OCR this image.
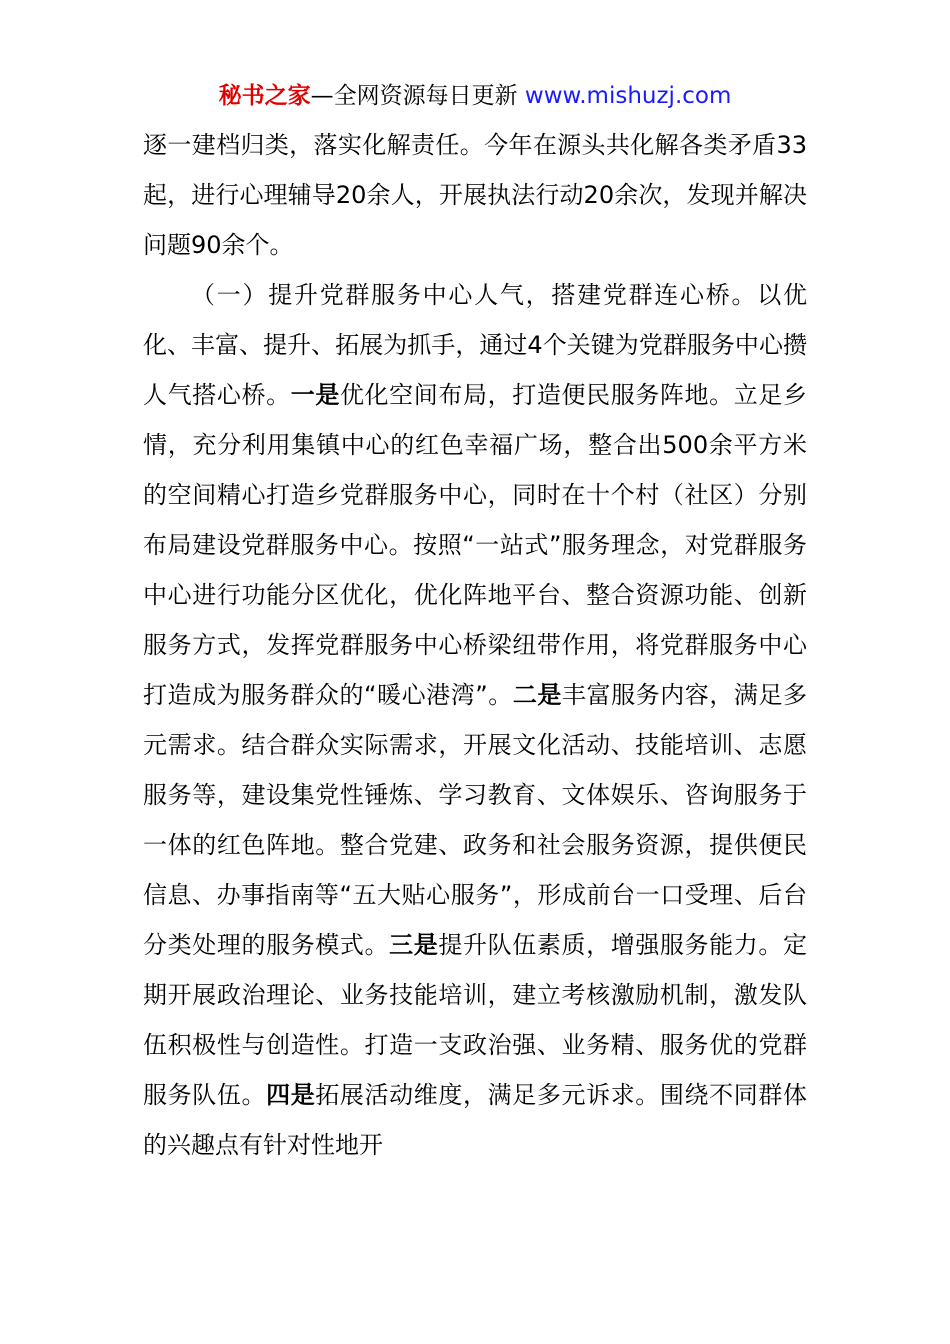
秘书之家—全网资源每日更新 www.mishuzj.com

逐一建档归类，落实化解责任。今年在源头共化解各类矛盾33起，进行心理辅导20余人，开展执法行动20余次，发现并解决问题90余个。

（一）提升党群服务中心人气，搭建党群连心桥。以优化、丰富、提升、拓展为抓手，通过4个关键为党群服务中心攒人气搭心桥。一是优化空间布局，打造便民服务阵地。立足乡情，充分利用集镇中心的红色幸福广场，整合出500余平方米的空间精心打造乡党群服务中心，同时在十个村（社区）分别布局建设党群服务中心。按照“一站式”服务理念，对党群服务中心进行功能分区优化，优化阵地平台、整合资源功能、创新服务方式，发挥党群服务中心桥梁纽带作用，将党群服务中心打造成为服务群众的“暖心港湾”。二是丰富服务内容，满足多元需求。结合群众实际需求，开展文化活动、技能培训、志愿服务等，建设集党性锤炼、学习教育、文体娱乐、咨询服务于一体的红色阵地。整合党建、政务和社会服务资源，提供便民信息、办事指南等“五大贴心服务”，形成前台一口受理、后台分类处理的服务模式。三是提升队伍素质，增强服务能力。定期开展政治理论、业务技能培训，建立考核激励机制，激发队伍积极性与创造性。打造一支政治强、业务精、服务优的党群服务队伍。四是拓展活动维度，满足多元诉求。围绕不同群体的兴趣点有针对性地开
